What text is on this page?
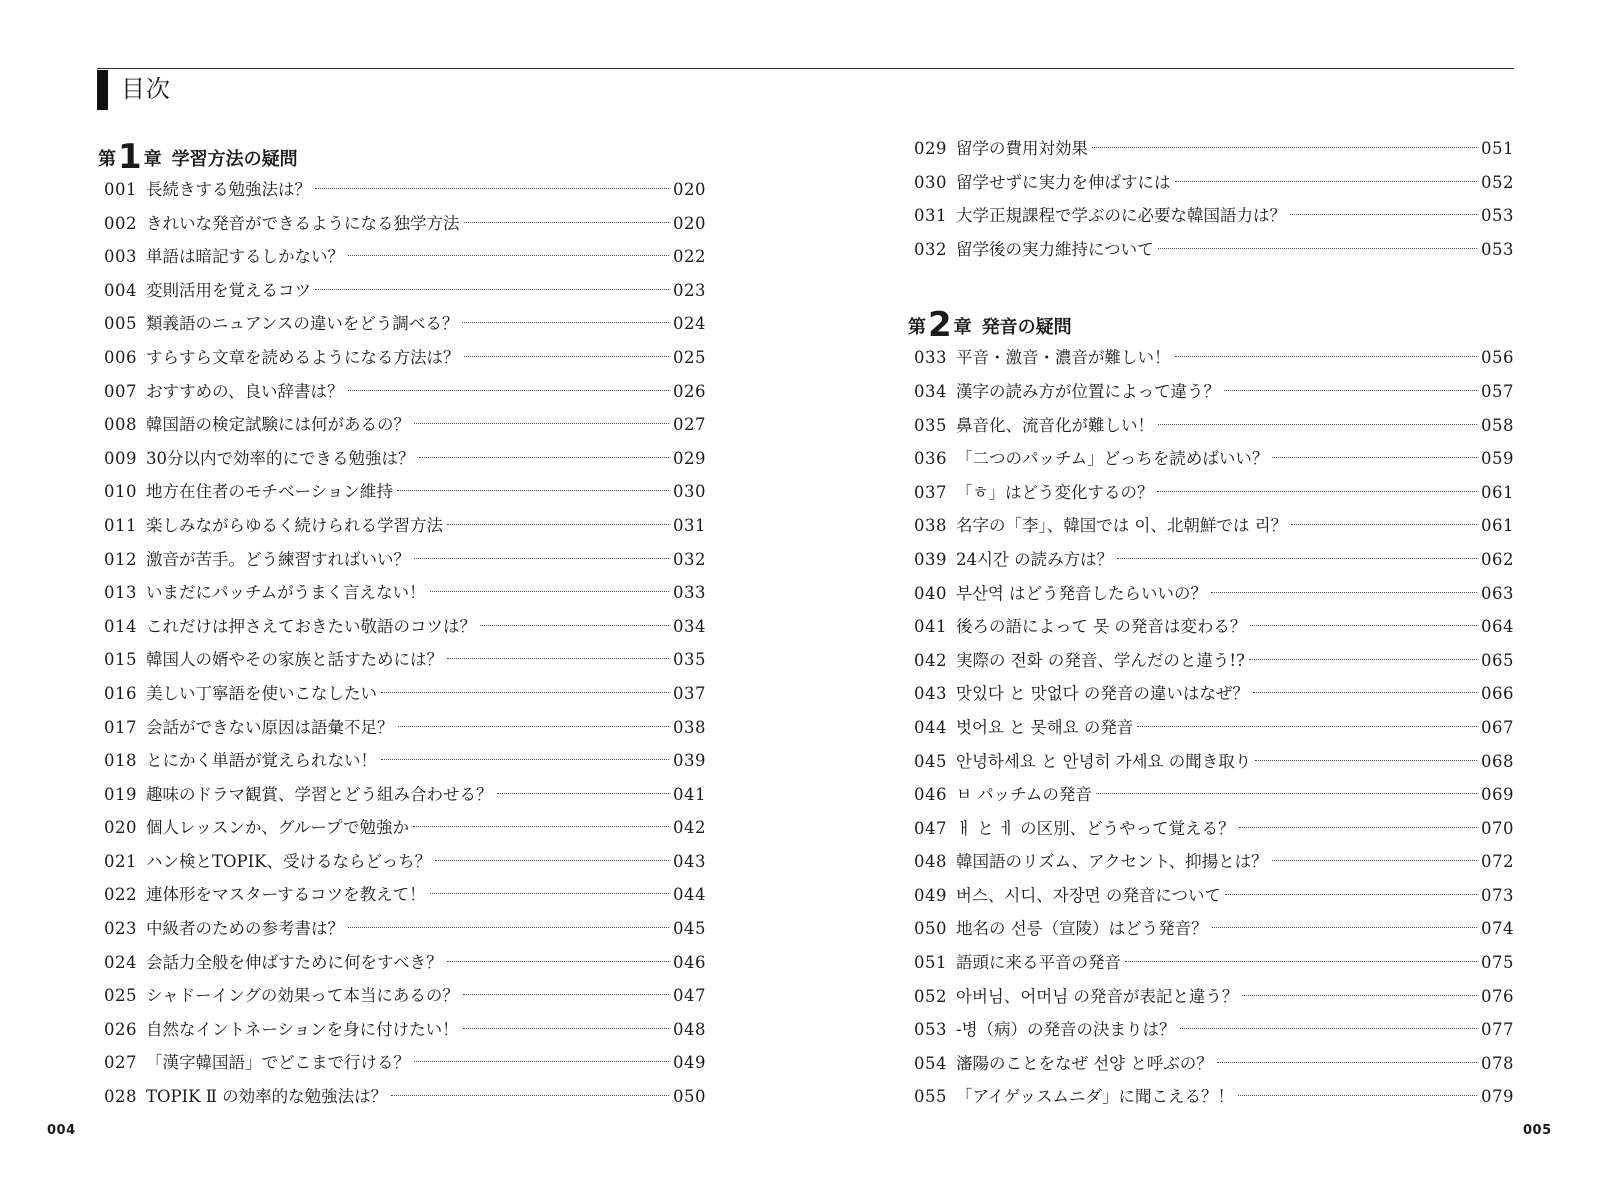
目次
第 1 章 学習方法の疑問
001 長続きする勉強法は？	020
002 きれいな発音ができるようになる独学方法	020
003 単語は暗記するしかない？	022
004 変則活用を覚えるコツ	023
005 類義語のニュアンスの違いをどう調べる？	024
006 すらすら文章を読めるようになる方法は？	025
007 おすすめの、良い辞書は？	026
008 韓国語の検定試験には何があるの？	027
009 30分以内で効率的にできる勉強は？	029
010 地方在住者のモチベーション維持	030
011 楽しみながらゆるく続けられる学習方法	031
012 激音が苦手。どう練習すればいい？	032
013 いまだにパッチムがうまく言えない！	033
014 これだけは押さえておきたい敬語のコツは？	034
015 韓国人の婿やその家族と話すためには？	035
016 美しい丁寧語を使いこなしたい	037
017 会話ができない原因は語彙不足？	038
018 とにかく単語が覚えられない！	039
019 趣味のドラマ観賞、学習とどう組み合わせる？	041
020 個人レッスンか、グループで勉強か	042
021 ハン検とTOPIK、受けるならどっち？	043
022 連体形をマスターするコツを教えて！	044
023 中級者のための参考書は？	045
024 会話力全般を伸ばすために何をすべき？	046
025 シャドーイングの効果って本当にあるの？	047
026 自然なイントネーションを身に付けたい！	048
027 「漢字韓国語」でどこまで行ける？	049
028 TOPIK Ⅱ の効率的な勉強法は？	050
029 留学の費用対効果	051
030 留学せずに実力を伸ばすには	052
031 大学正規課程で学ぶのに必要な韓国語力は？	053
032 留学後の実力維持について	053
第 2 章 発音の疑問
033 平音・激音・濃音が難しい！	056
034 漢字の読み方が位置によって違う？	057
035 鼻音化、流音化が難しい！	058
036 「二つのパッチム」どっちを読めばいい？	059
037 「ㅎ」はどう変化するの？	061
038 名字の「李」、韓国では 이、北朝鮮では 리？	061
039 24시간 の読み方は？	062
040 부산역 はどう発音したらいいの？	063
041 後ろの語によって 못 の発音は変わる？	064
042 実際の 전화 の発音、学んだのと違う!?	065
043 맛있다 と 맛없다 の発音の違いはなぜ？	066
044 벗어요 と 못해요 の発音	067
045 안녕하세요 と 안녕히 가세요 の聞き取り	068
046 ㅂ パッチムの発音	069
047 ㅐ と ㅔ の区別、どうやって覚える？	070
048 韓国語のリズム、アクセント、抑揚とは？	072
049 버스、시디、자장면 の発音について	073
050 地名の 선릉（宣陵）はどう発音？	074
051 語頭に来る平音の発音	075
052 아버님、어머님 の発音が表記と違う？	076
053 -병（病）の発音の決まりは？	077
054 瀋陽のことをなぜ 선양 と呼ぶの？	078
055 「アイゲッスムニダ」に聞こえる？！	079
004	005
